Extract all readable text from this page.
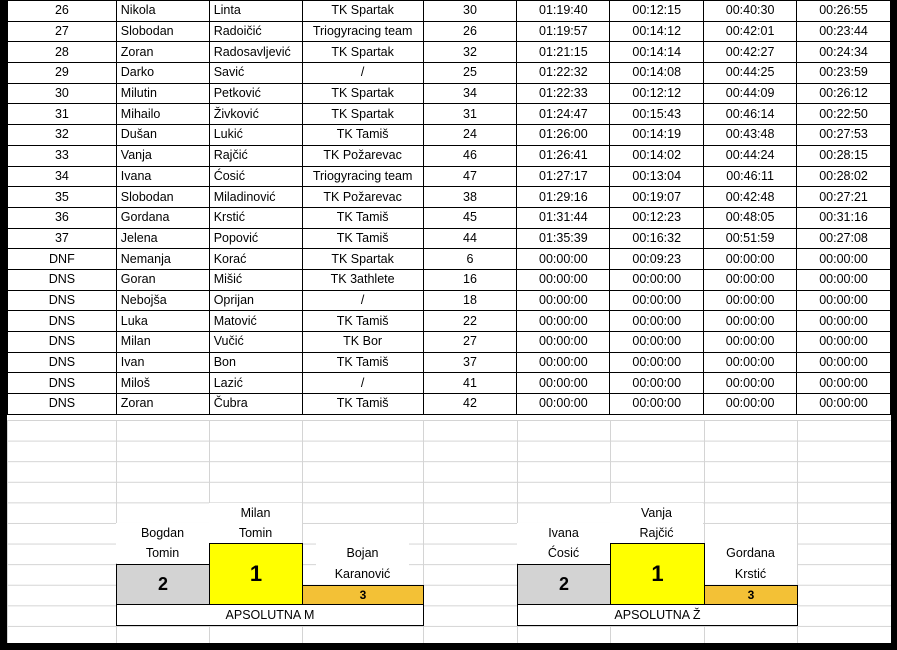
26	Nikola	Linta	TK Spartak	30	01:19:40	00:12:15	00:40:30	00:26:55
27	Slobodan	Radoičić	Triogyracing team	26	01:19:57	00:14:12	00:42:01	00:23:44
28	Zoran	Radosavljević	TK Spartak	32	01:21:15	00:14:14	00:42:27	00:24:34
29	Darko	Savić	/	25	01:22:32	00:14:08	00:44:25	00:23:59
30	Milutin	Petković	TK Spartak	34	01:22:33	00:12:12	00:44:09	00:26:12
31	Mihailo	Živković	TK Spartak	31	01:24:47	00:15:43	00:46:14	00:22:50
32	Dušan	Lukić	TK Tamiš	24	01:26:00	00:14:19	00:43:48	00:27:53
33	Vanja	Rajčić	TK Požarevac	46	01:26:41	00:14:02	00:44:24	00:28:15
34	Ivana	Ćosić	Triogyracing team	47	01:27:17	00:13:04	00:46:11	00:28:02
35	Slobodan	Miladinović	TK Požarevac	38	01:29:16	00:19:07	00:42:48	00:27:21
36	Gordana	Krstić	TK Tamiš	45	01:31:44	00:12:23	00:48:05	00:31:16
37	Jelena	Popović	TK Tamiš	44	01:35:39	00:16:32	00:51:59	00:27:08
DNF	Nemanja	Korać	TK Spartak	6	00:00:00	00:09:23	00:00:00	00:00:00
DNS	Goran	Mišić	TK 3athlete	16	00:00:00	00:00:00	00:00:00	00:00:00
DNS	Nebojša	Oprijan	/	18	00:00:00	00:00:00	00:00:00	00:00:00
DNS	Luka	Matović	TK Tamiš	22	00:00:00	00:00:00	00:00:00	00:00:00
DNS	Milan	Vučić	TK Bor	27	00:00:00	00:00:00	00:00:00	00:00:00
DNS	Ivan	Bon	TK Tamiš	37	00:00:00	00:00:00	00:00:00	00:00:00
DNS	Miloš	Lazić	/	41	00:00:00	00:00:00	00:00:00	00:00:00
DNS	Zoran	Čubra	TK Tamiš	42	00:00:00	00:00:00	00:00:00	00:00:00
Milan
Tomin
Bogdan
Tomin	Bojan
Karanović
2	1
3
APSOLUTNA M
Vanja
Rajčić
Ivana
Ćosić	Gordana
Krstić
2	1
3
APSOLUTNA Ž
